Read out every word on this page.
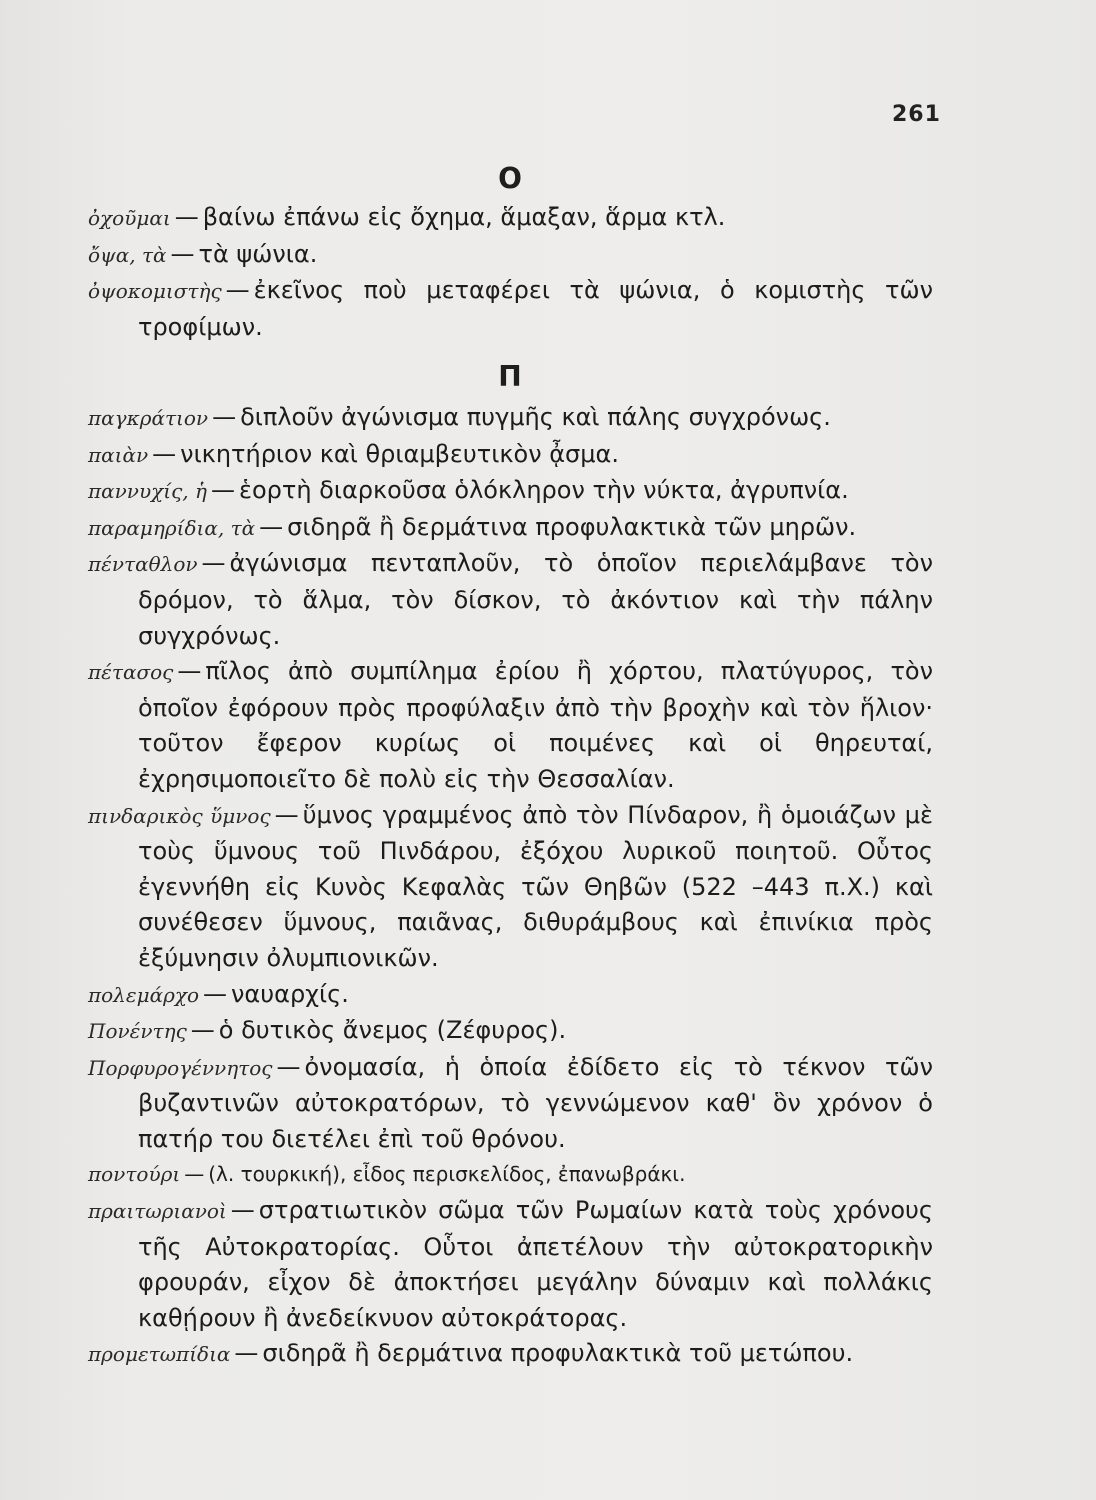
261
Ο

ὀχοῦμαι — βαίνω ἐπάνω εἰς ὄχημα, ἅμαξαν, ἅρμα κτλ.

ὄψα, τὰ — τὰ ψώνια.

ὀψοκομιστὴς — ἐκεῖνος ποὺ μεταφέρει τὰ ψώνια, ὁ κομιστὴς τῶν τροφίμων.

Π

παγκράτιον — διπλοῦν ἀγώνισμα πυγμῆς καὶ πάλης συγχρόνως.

παιὰν — νικητήριον καὶ θριαμβευτικὸν ᾆσμα.

παννυχίς, ἡ — ἑορτὴ διαρκοῦσα ὁλόκληρον τὴν νύκτα, ἀγρυπνία.

παραμηρίδια, τὰ — σιδηρᾶ ἢ δερμάτινα προφυλακτικὰ τῶν μηρῶν.

πένταθλον — ἀγώνισμα πενταπλοῦν, τὸ ὁποῖον περιελάμβανε τὸν δρόμον, τὸ ἅλμα, τὸν δίσκον, τὸ ἀκόντιον καὶ τὴν πάλην συγχρόνως.

πέτασος — πῖλος ἀπὸ συμπίλημα ἐρίου ἢ χόρτου, πλατύγυρος, τὸν ὁποῖον ἐφόρουν πρὸς προφύλαξιν ἀπὸ τὴν βροχὴν καὶ τὸν ἥλιον· τοῦτον ἔφερον κυρίως οἱ ποιμένες καὶ οἱ θηρευταί, ἐχρησιμοποιεῖτο δὲ πολὺ εἰς τὴν Θεσσαλίαν.

πινδαρικὸς ὕμνος — ὕμνος γραμμένος ἀπὸ τὸν Πίνδαρον, ἢ ὁμοιάζων μὲ τοὺς ὕμνους τοῦ Πινδάρου, ἐξόχου λυρικοῦ ποιητοῦ. Οὗτος ἐγεννήθη εἰς Κυνὸς Κεφαλὰς τῶν Θηβῶν (522 –443 π.Χ.) καὶ συνέθεσεν ὕμνους, παιᾶνας, διθυράμβους καὶ ἐπινίκια πρὸς ἐξύμνησιν ὀλυμπιονικῶν.

πολεμάρχο — ναυαρχίς.

Πονέντης — ὁ δυτικὸς ἄνεμος (Ζέφυρος).

Πορφυρογέννητος — ὀνομασία, ἡ ὁποία ἐδίδετο εἰς τὸ τέκνον τῶν βυζαντινῶν αὐτοκρατόρων, τὸ γεννώμενον καθ' ὃν χρόνον ὁ πατήρ του διετέλει ἐπὶ τοῦ θρόνου.

ποντούρι — (λ. τουρκική), εἶδος περισκελίδος, ἐπανωβράκι.

πραιτωριανοὶ — στρατιωτικὸν σῶμα τῶν Ρωμαίων κατὰ τοὺς χρόνους τῆς Αὐτοκρατορίας. Οὗτοι ἀπετέλουν τὴν αὐτοκρατορικὴν φρουράν, εἶχον δὲ ἀποκτήσει μεγάλην δύναμιν καὶ πολλάκις καθῄρουν ἢ ἀνεδείκνυον αὐτοκράτορας.

προμετωπίδια — σιδηρᾶ ἢ δερμάτινα προφυλακτικὰ τοῦ μετώπου.
